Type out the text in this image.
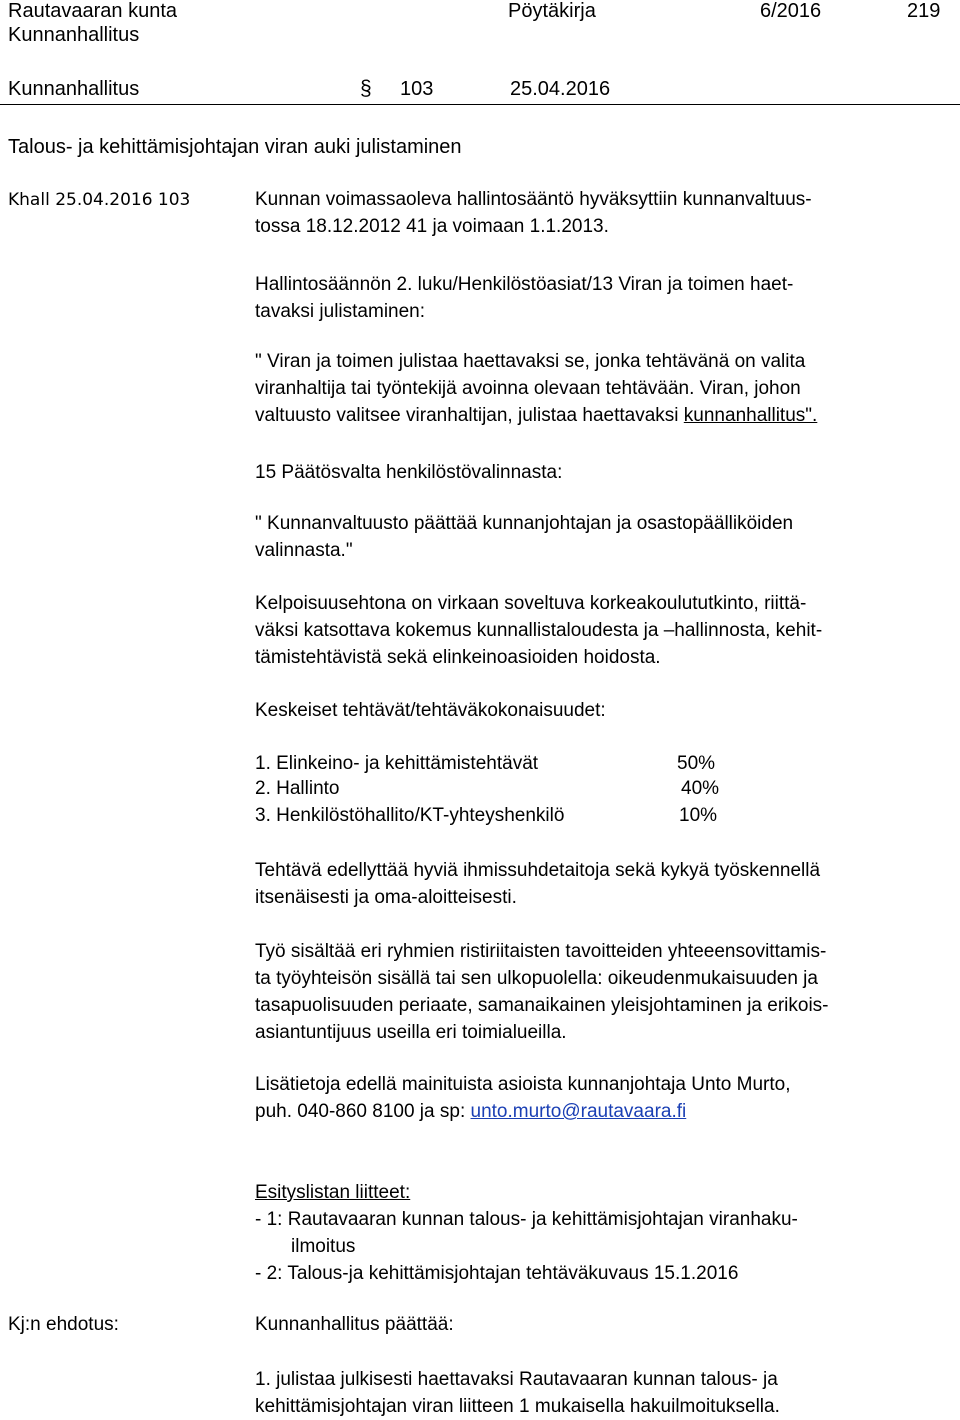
Rautavaaran kunta
Kunnanhallitus
Pöytäkirja	6/2016	219
Kunnanhallitus	§ 103	25.04.2016
Talous- ja kehittämisjohtajan viran auki julistaminen
Khall 25.04.2016 103	Kunnan voimassaoleva hallintosääntö hyväksyttiin kunnanvaltuus-
tossa 18.12.2012 41 ja voimaan 1.1.2013.
Hallintosäännön 2. luku/Henkilöstöasiat/13 Viran ja toimen haet-
tavaksi julistaminen:
" Viran ja toimen julistaa haettavaksi se, jonka tehtävänä on valita
viranhaltija tai työntekijä avoinna olevaan tehtävään. Viran, johon
valtuusto valitsee viranhaltijan, julistaa haettavaksi kunnanhallitus".
15 Päätösvalta henkilöstövalinnasta:
" Kunnanvaltuusto päättää kunnanjohtajan ja osastopäälliköiden
valinnasta."
Kelpoisuusehtona on virkaan soveltuva korkeakoulututkinto, riittä-
väksi katsottava kokemus kunnallistaloudesta ja –hallinnosta, kehit-
tämistehtävistä sekä elinkeinoasioiden hoidosta.
Keskeiset tehtävät/tehtäväkokonaisuudet:
1. Elinkeino- ja kehittämistehtävät	50%
2. Hallinto	40%
3. Henkilöstöhallito/KT-yhteyshenkilö	10%
Tehtävä edellyttää hyviä ihmissuhdetaitoja sekä kykyä työskennellä
itsenäisesti ja oma-aloitteisesti.
Työ sisältää eri ryhmien ristiriitaisten tavoitteiden yhteeensovittamis-
ta työyhteisön sisällä tai sen ulkopuolella: oikeudenmukaisuuden ja
tasapuolisuuden periaate, samanaikainen yleisjohtaminen ja erikois-
asiantuntijuus useilla eri toimialueilla.
Lisätietoja edellä mainituista asioista kunnanjohtaja Unto Murto,
puh. 040-860 8100 ja sp: unto.murto@rautavaara.fi
Esityslistan liitteet:
- 1: Rautavaaran kunnan talous- ja kehittämisjohtajan viranhaku-
ilmoitus
- 2: Talous-ja kehittämisjohtajan tehtäväkuvaus 15.1.2016
Kj:n ehdotus:	Kunnanhallitus päättää:
1. julistaa julkisesti haettavaksi Rautavaaran kunnan talous- ja
kehittämisjohtajan viran liitteen 1 mukaisella hakuilmoituksella.
